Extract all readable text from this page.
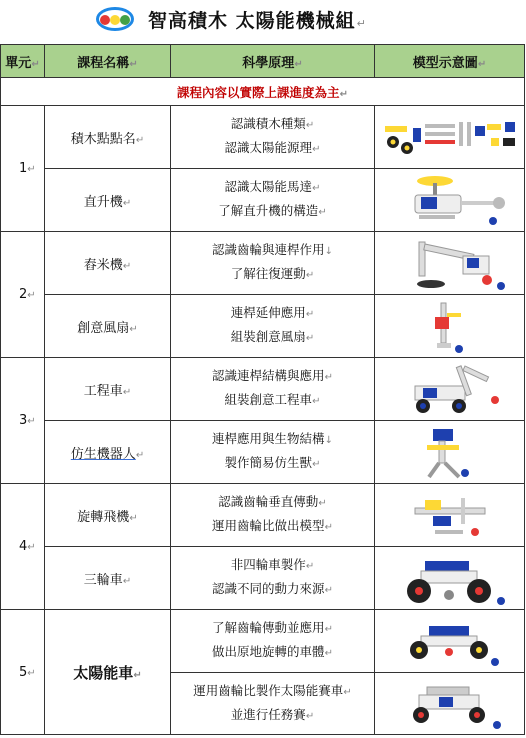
智高積木 太陽能機械組↵
單元↵	課程名稱↵	科學原理↵	模型示意圖↵
課程內容以實際上課進度為主↵			
1↵	積木點點名↵	認識積木種類↵
認識太陽能源理↵

	直升機↵	認識太陽能馬達↵
了解直升機的構造↵

2↵	舂米機↵	認識齒輪與連桿作用↓
了解往復運動↵

	創意風扇↵	連桿延伸應用↵
組裝創意風扇↵

3↵	工程車↵	認識連桿結構與應用↵
組裝創意工程車↵

	仿生機器人↵	連桿應用與生物結構↓
製作簡易仿生獸↵

4↵	旋轉飛機↵	認識齒輪垂直傳動↵
運用齒輪比做出模型↵

	三輪車↵	非四輪車製作↵
認識不同的動力來源↵

5↵	太陽能車↵	了解齒輪傳動並應用↵
做出原地旋轉的車體↵

		運用齒輪比製作太陽能賽車↵
並進行任務賽↵
